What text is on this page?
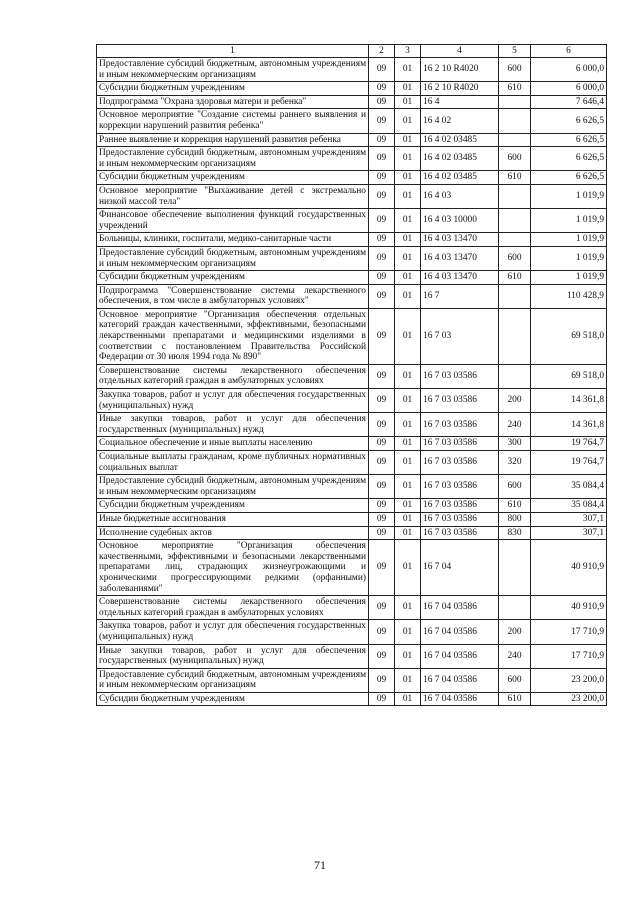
1	2	3	4	5	6
Предоставление субсидий бюджетным, автономным учреждениям и иным некоммерческим организациям	09	01	16 2 10 R4020	600	6 000,0
Субсидии бюджетным учреждениям	09	01	16 2 10 R4020	610	6 000,0
Подпрограмма "Охрана здоровья матери и ребенка"	09	01	16 4		7 646,4
Основное мероприятие "Создание системы раннего выявления и коррекции нарушений развития ребенка"	09	01	16 4 02		6 626,5
Раннее выявление и коррекция нарушений развития ребенка	09	01	16 4 02 03485		6 626,5
Предоставление субсидий бюджетным, автономным учреждениям и иным некоммерческим организациям	09	01	16 4 02 03485	600	6 626,5
Субсидии бюджетным учреждениям	09	01	16 4 02 03485	610	6 626,5
Основное мероприятие "Выхаживание детей с экстремально низкой массой тела"	09	01	16 4 03		1 019,9
Финансовое обеспечение выполнения функций государственных учреждений	09	01	16 4 03 10000		1 019,9
Больницы, клиники, госпитали, медико-санитарные части	09	01	16 4 03 13470		1 019,9
Предоставление субсидий бюджетным, автономным учреждениям и иным некоммерческим организациям	09	01	16 4 03 13470	600	1 019,9
Субсидии бюджетным учреждениям	09	01	16 4 03 13470	610	1 019,9
Подпрограмма "Совершенствование системы лекарственного обеспечения, в том числе в амбулаторных условиях"	09	01	16 7		110 428,9
Основное мероприятие "Организация обеспечения отдельных категорий граждан качественными, эффективными, безопасными лекарственными препаратами и медицинскими изделиями в соответствии с постановлением Правительства Российской Федерации от 30 июля 1994 года № 890"	09	01	16 7 03		69 518,0
Совершенствование системы лекарственного обеспечения отдельных категорий граждан в амбулаторных условиях	09	01	16 7 03 03586		69 518,0
Закупка товаров, работ и услуг для обеспечения государственных (муниципальных) нужд	09	01	16 7 03 03586	200	14 361,8
Иные закупки товаров, работ и услуг для обеспечения государственных (муниципальных) нужд	09	01	16 7 03 03586	240	14 361,8
Социальное обеспечение и иные выплаты населению	09	01	16 7 03 03586	300	19 764,7
Социальные выплаты гражданам, кроме публичных нормативных социальных выплат	09	01	16 7 03 03586	320	19 764,7
Предоставление субсидий бюджетным, автономным учреждениям и иным некоммерческим организациям	09	01	16 7 03 03586	600	35 084,4
Субсидии бюджетным учреждениям	09	01	16 7 03 03586	610	35 084,4
Иные бюджетные ассигнования	09	01	16 7 03 03586	800	307,1
Исполнение судебных актов	09	01	16 7 03 03586	830	307,1
Основное мероприятие "Организация обеспечения качественными, эффективными и безопасными лекарственными препаратами лиц, страдающих жизнеугрожающими и хроническими прогрессирующими редкими (орфанными) заболеваниями"	09	01	16 7 04		40 910,9
Совершенствование системы лекарственного обеспечения отдельных категорий граждан в амбулаторных условиях	09	01	16 7 04 03586		40 910,9
Закупка товаров, работ и услуг для обеспечения государственных (муниципальных) нужд	09	01	16 7 04 03586	200	17 710,9
Иные закупки товаров, работ и услуг для обеспечения государственных (муниципальных) нужд	09	01	16 7 04 03586	240	17 710,9
Предоставление субсидий бюджетным, автономным учреждениям и иным некоммерческим организациям	09	01	16 7 04 03586	600	23 200,0
Субсидии бюджетным учреждениям	09	01	16 7 04 03586	610	23 200,0
71
